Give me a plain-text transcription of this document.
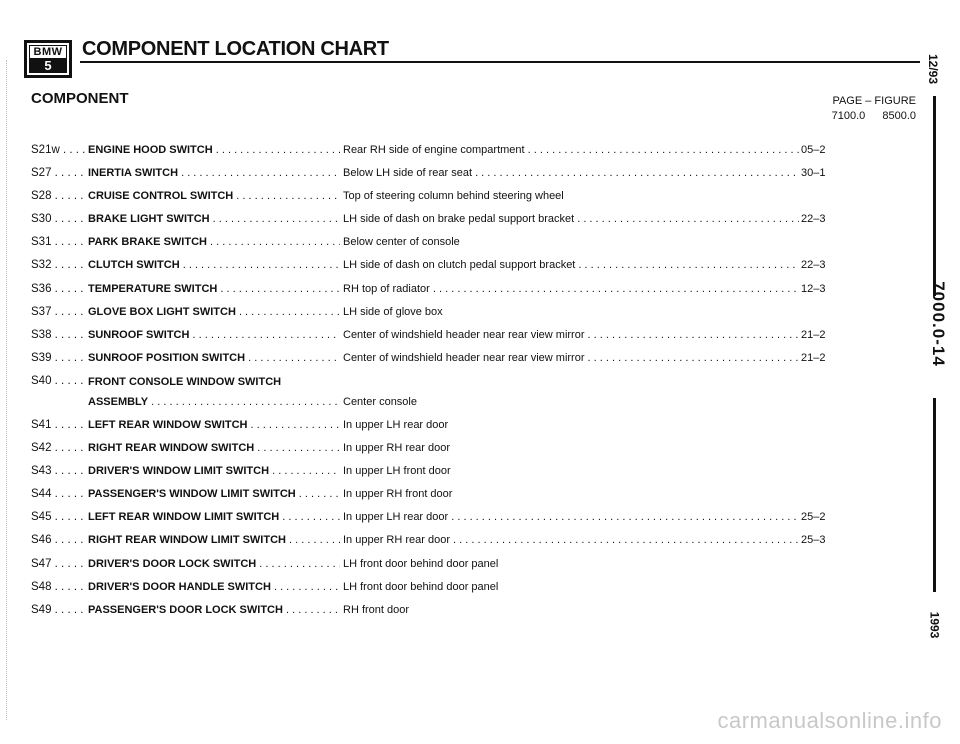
BMW
5
COMPONENT LOCATION CHART
COMPONENT	PAGE – FIGURE
7100.0 8500.0
S21w . . .	ENGINE HOOD SWITCH . . .	Rear RH side of engine compartment . . .	05–2
S27 . . .	INERTIA SWITCH . . .	Below LH side of rear seat . . .	30–1
S28 . . .	CRUISE CONTROL SWITCH . . .	Top of steering column behind steering wheel
S30 . . .	BRAKE LIGHT SWITCH . . .	LH side of dash on brake pedal support bracket . . .	22–3
S31 . . .	PARK BRAKE SWITCH . . .	Below center of console
S32 . . .	CLUTCH SWITCH . . .	LH side of dash on clutch pedal support bracket . . .	22–3
S36 . . .	TEMPERATURE SWITCH . . .	RH top of radiator . . .	12–3
S37 . . .	GLOVE BOX LIGHT SWITCH . . .	LH side of glove box
S38 . . .	SUNROOF SWITCH . . .	Center of windshield header near rear view mirror . . .	21–2
S39 . . .	SUNROOF POSITION SWITCH . . .	Center of windshield header near rear view mirror . . .	21–2
S40 . . .	FRONT CONSOLE WINDOW SWITCH
ASSEMBLY . . .	Center console
S41 . . .	LEFT REAR WINDOW SWITCH . . .	In upper LH rear door
S42 . . .	RIGHT REAR WINDOW SWITCH . . .	In upper RH rear door
S43 . . .	DRIVER'S WINDOW LIMIT SWITCH . . .	In upper LH front door
S44 . . .	PASSENGER'S WINDOW LIMIT SWITCH . . .	In upper RH front door
S45 . . .	LEFT REAR WINDOW LIMIT SWITCH . . .	In upper LH rear door . . .	25–2
S46 . . .	RIGHT REAR WINDOW LIMIT SWITCH . . .	In upper RH rear door . . .	25–3
S47 . . .	DRIVER'S DOOR LOCK SWITCH . . .	LH front door behind door panel
S48 . . .	DRIVER'S DOOR HANDLE SWITCH . . .	LH front door behind door panel
S49 . . .	PASSENGER'S DOOR LOCK SWITCH . . .	RH front door
12/93
7000.0-14
1993
carmanualsonline.info
